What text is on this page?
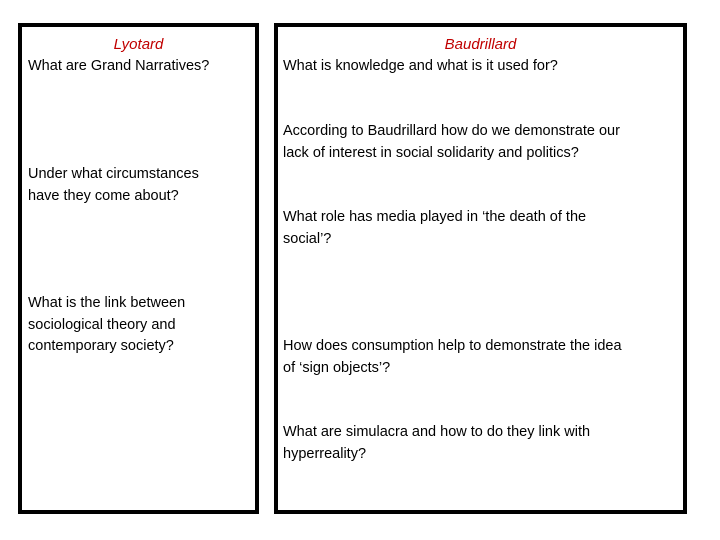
Lyotard
What are Grand Narratives?
Under what circumstances
have they come about?
What is the link between
sociological theory and
contemporary society?
Baudrillard
What is knowledge and what is it used for?
According to Baudrillard how do we demonstrate our
lack of interest in social solidarity and politics?
What role has media played in ‘the death of the
social’?
How does consumption help to demonstrate the idea
of ‘sign objects’?
What are simulacra and how to do they link with
hyperreality?
